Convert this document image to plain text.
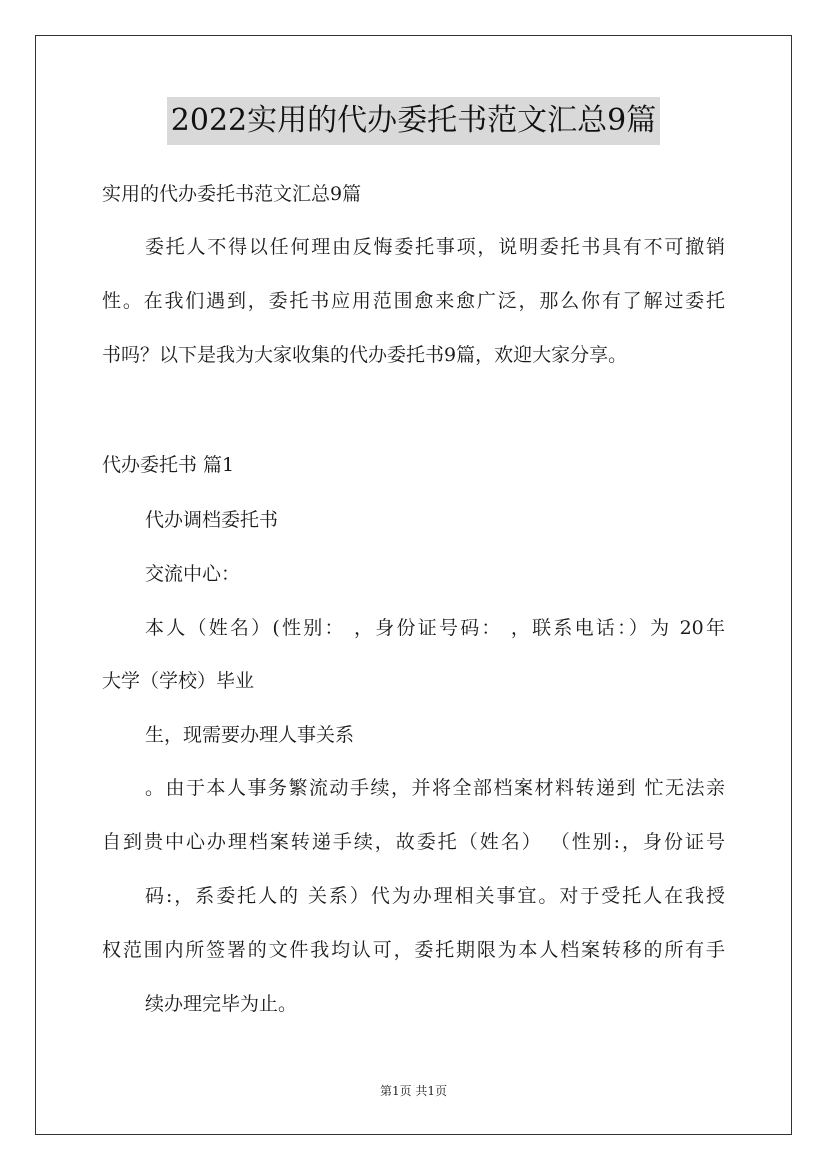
2022实用的代办委托书范文汇总9篇
实用的代办委托书范文汇总9篇
委托人不得以任何理由反悔委托事项，说明委托书具有不可撤销
性。在我们遇到，委托书应用范围愈来愈广泛，那么你有了解过委托
书吗？以下是我为大家收集的代办委托书9篇，欢迎大家分享。
代办委托书 篇1
代办调档委托书
交流中心：
本人（姓名）(性别： ，身份证号码： ，联系电话：）为 20年
大学（学校）毕业
生，现需要办理人事关系
。由于本人事务繁流动手续，并将全部档案材料转递到 忙无法亲
自到贵中心办理档案转递手续，故委托（姓名） （性别:，身份证号
码:，系委托人的 关系）代为办理相关事宜。对于受托人在我授
权范围内所签署的文件我均认可，委托期限为本人档案转移的所有手
续办理完毕为止。
第1页 共1页
